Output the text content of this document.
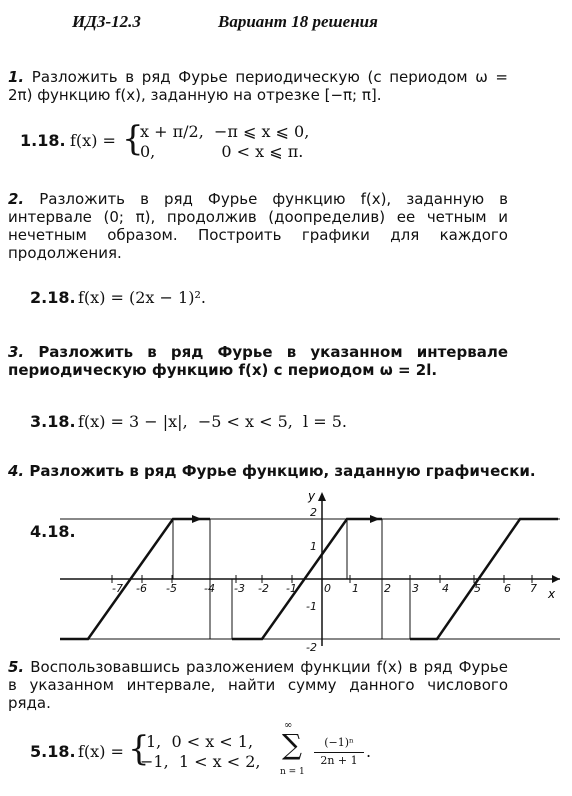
ИДЗ-12.3	Вариант 18 решения
1. Разложить в ряд Фурье периодическую (с периодом ω = 2π) функцию f(x), заданную на отрезке [−π; π].
1.18. f(x) = {
x + π/2,  −π ⩽ x ⩽ 0,
0,             0 < x ⩽ π.
2. Разложить в ряд Фурье функцию f(x), заданную в интервале (0; π), продолжив (доопределив) ее четным и нечетным образом. Построить графики для каждого продолжения.
2.18. f(x) = (2x − 1)².
3. Разложить в ряд Фурье в указанном интервале периодическую функцию f(x) с периодом ω = 2l.
3.18. f(x) = 3 − |x|,  −5 < x < 5,  l = 5.
4. Разложить в ряд Фурье функцию, заданную графически.
4.18.
y
x
-7 -6 -5 -4 -3 -2 -1 0 1 2 3 4 5 6 7
2
1
-1
-2
5. Воспользовавшись разложением функции f(x) в ряд Фурье в указанном интервале, найти сумму данного числового ряда.
5.18. f(x) = {
1,  0 < x < 1,
−1,  1 < x < 2,
∞
∑
n = 1
(−1)ⁿ
2n + 1 .
